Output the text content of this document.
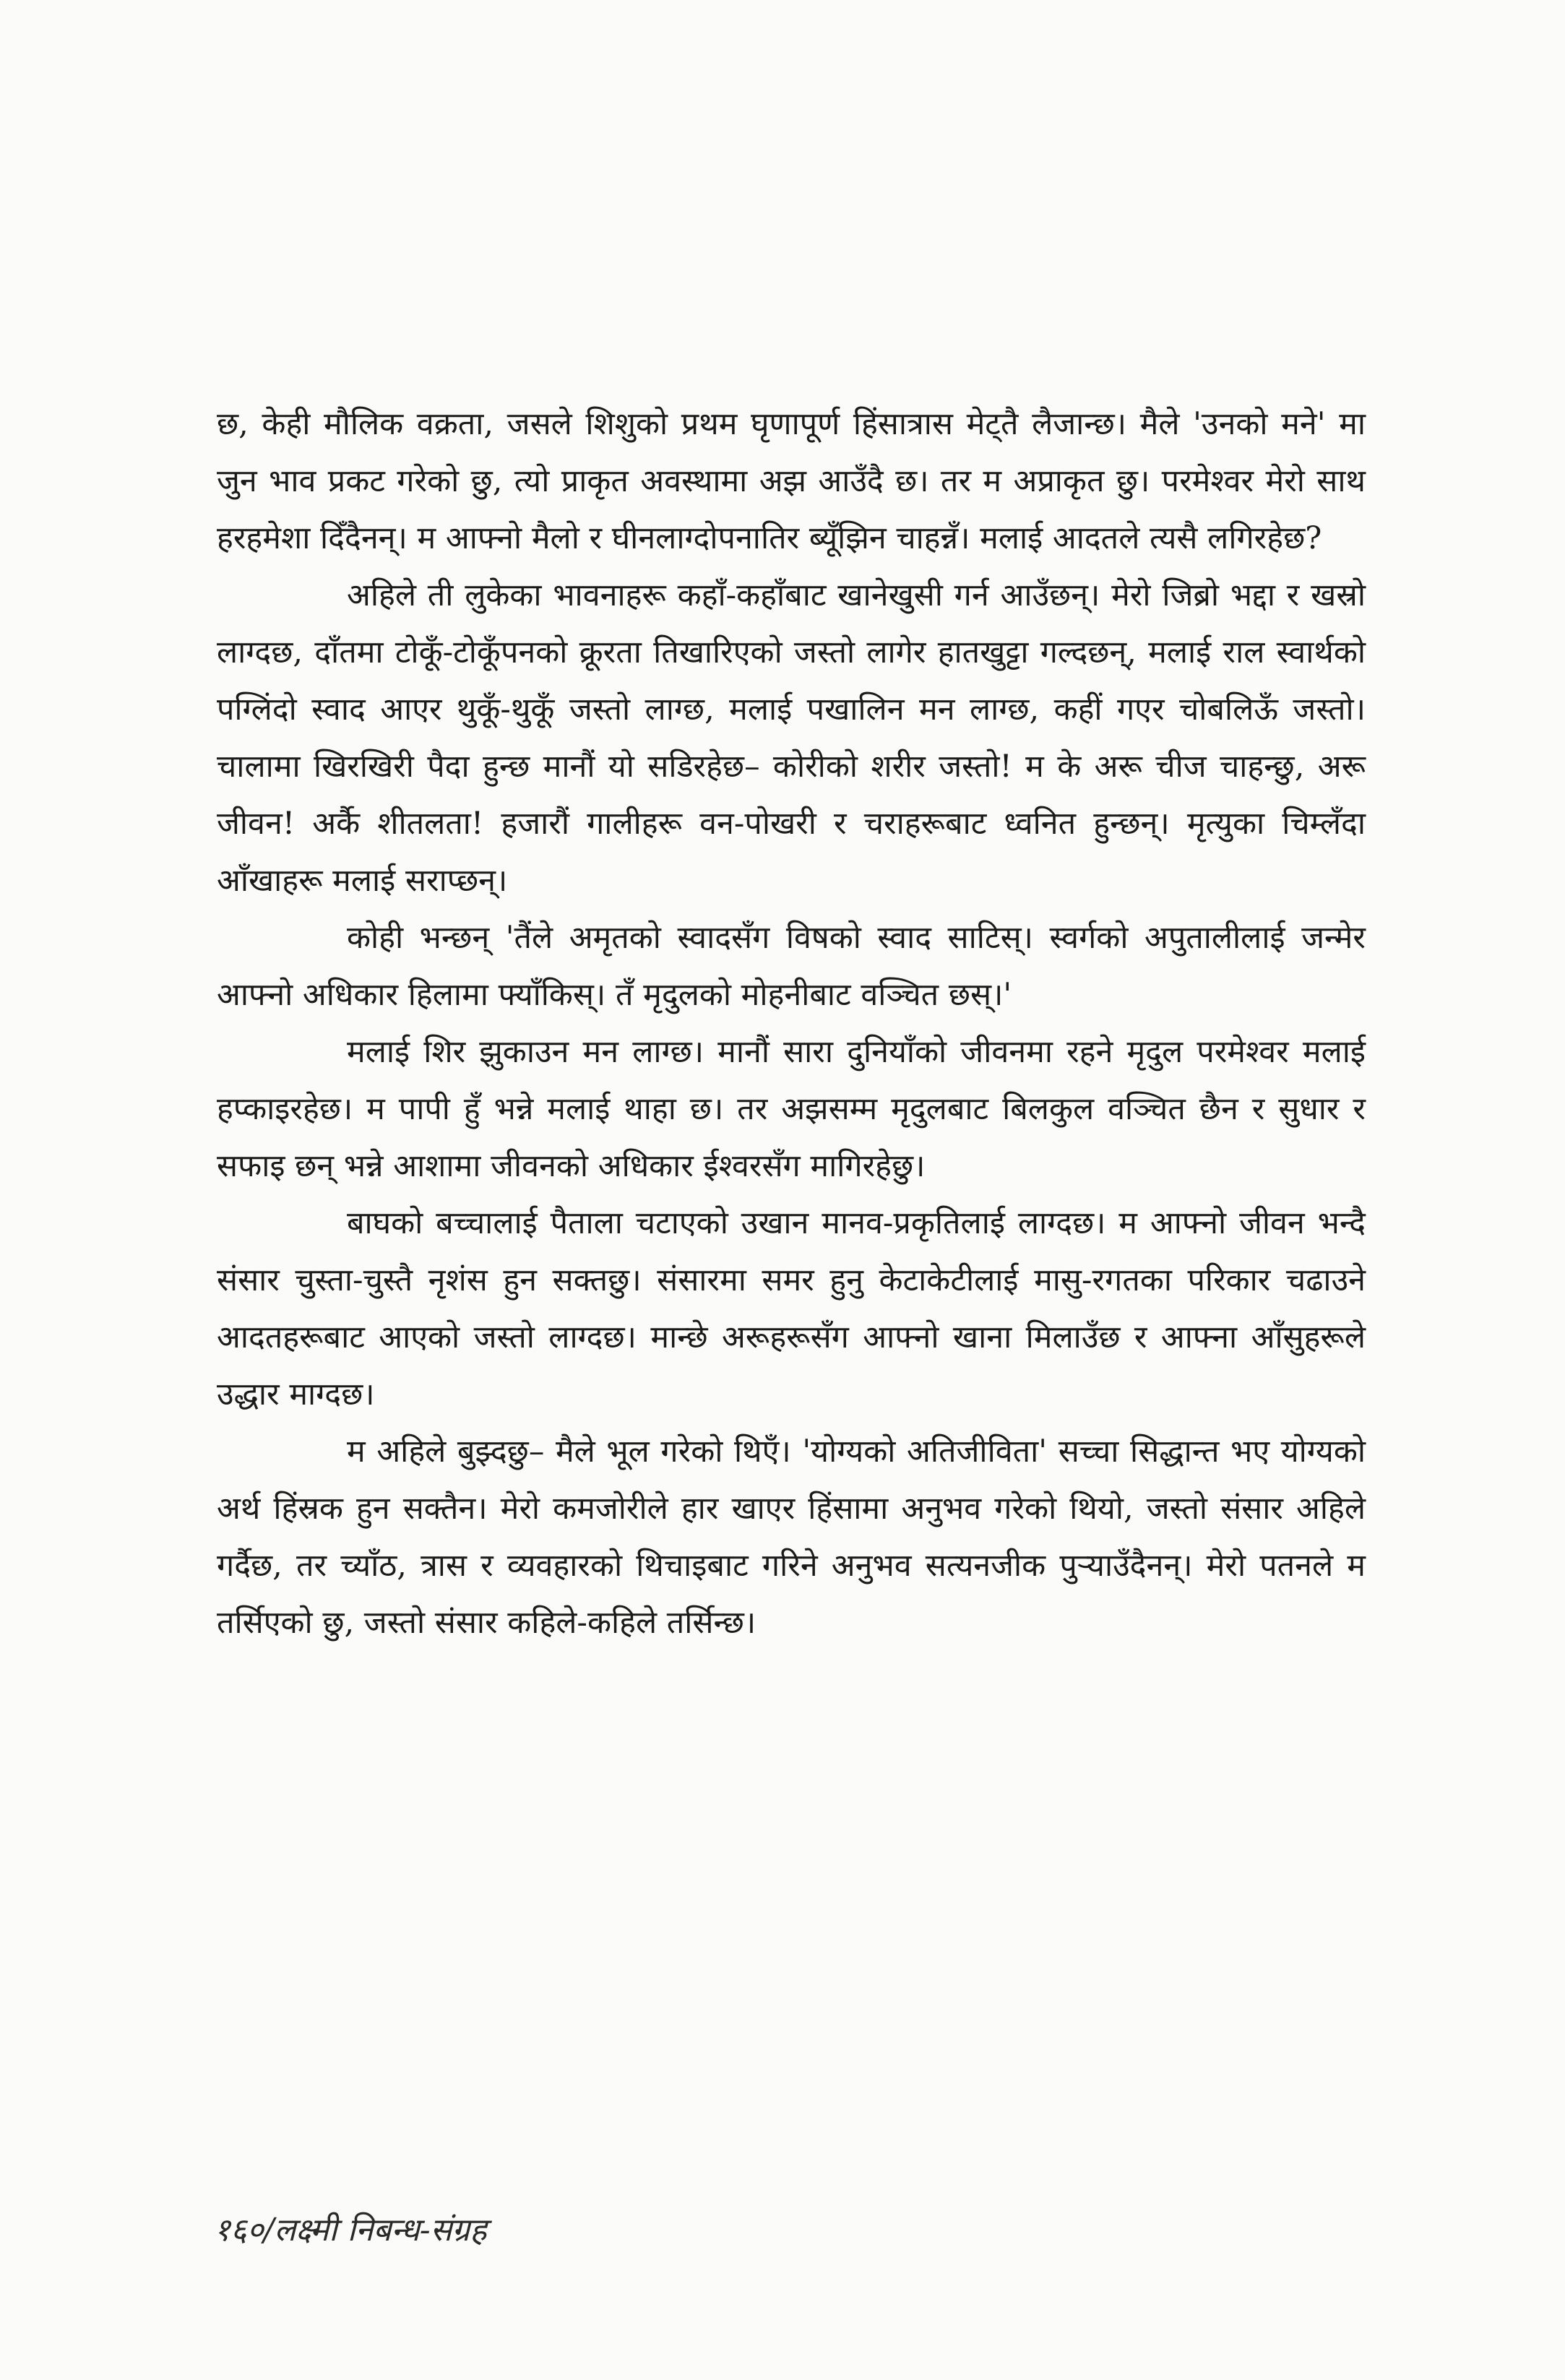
छ, केही मौलिक वक्रता, जसले शिशुको प्रथम घृणापूर्ण हिंसात्रास मेट्तै लैजान्छ। मैले 'उनको मने' मा जुन भाव प्रकट गरेको छु, त्यो प्राकृत अवस्थामा अझ आउँदै छ। तर म अप्राकृत छु। परमेश्वर मेरो साथ हरहमेशा दिँदैनन्। म आफ्नो मैलो र घीनलाग्दोपनातिर ब्यूँझिन चाहन्नँ। मलाई आदतले त्यसै लगिरहेछ?

अहिले ती लुकेका भावनाहरू कहाँ-कहाँबाट खानेखुसी गर्न आउँछन्। मेरो जिब्रो भद्दा र खस्रो लाग्दछ, दाँतमा टोकूँ-टोकूँपनको क्रूरता तिखारिएको जस्तो लागेर हातखुट्टा गल्दछन्, मलाई राल स्वार्थको पग्लिंदो स्वाद आएर थुकूँ-थुकूँ जस्तो लाग्छ, मलाई पखालिन मन लाग्छ, कहीं गएर चोबलिऊँ जस्तो। चालामा खिरखिरी पैदा हुन्छ मानौं यो सडिरहेछ– कोरीको शरीर जस्तो! म के अरू चीज चाहन्छु, अरू जीवन! अर्कै शीतलता! हजारौं गालीहरू वन-पोखरी र चराहरूबाट ध्वनित हुन्छन्। मृत्युका चिम्लँदा आँखाहरू मलाई सराप्छन्।

कोही भन्छन् 'तैंले अमृतको स्वादसँग विषको स्वाद साटिस्। स्वर्गको अपुतालीलाई जन्मेर आफ्नो अधिकार हिलामा फ्याँकिस्। तँ मृदुलको मोहनीबाट वञ्चित छस्।'

मलाई शिर झुकाउन मन लाग्छ। मानौं सारा दुनियाँको जीवनमा रहने मृदुल परमेश्वर मलाई हप्काइरहेछ। म पापी हुँ भन्ने मलाई थाहा छ। तर अझसम्म मृदुलबाट बिलकुल वञ्चित छैन र सुधार र सफाइ छन् भन्ने आशामा जीवनको अधिकार ईश्वरसँग मागिरहेछु।

बाघको बच्चालाई पैताला चटाएको उखान मानव-प्रकृतिलाई लाग्दछ। म आफ्नो जीवन भन्दै संसार चुस्ता-चुस्तै नृशंस हुन सक्तछु। संसारमा समर हुनु केटाकेटीलाई मासु-रगतका परिकार चढाउने आदतहरूबाट आएको जस्तो लाग्दछ। मान्छे अरूहरूसँग आफ्नो खाना मिलाउँछ र आफ्ना आँसुहरूले उद्धार माग्दछ।

म अहिले बुझ्दछु– मैले भूल गरेको थिएँ। 'योग्यको अतिजीविता' सच्चा सिद्धान्त भए योग्यको अर्थ हिंस्रक हुन सक्तैन। मेरो कमजोरीले हार खाएर हिंसामा अनुभव गरेको थियो, जस्तो संसार अहिले गर्दैछ, तर च्याँठ, त्रास र व्यवहारको थिचाइबाट गरिने अनुभव सत्यनजीक पुऱ्याउँदैनन्। मेरो पतनले म तर्सिएको छु, जस्तो संसार कहिले-कहिले तर्सिन्छ।

१६०/लक्ष्मी निबन्ध-संग्रह
